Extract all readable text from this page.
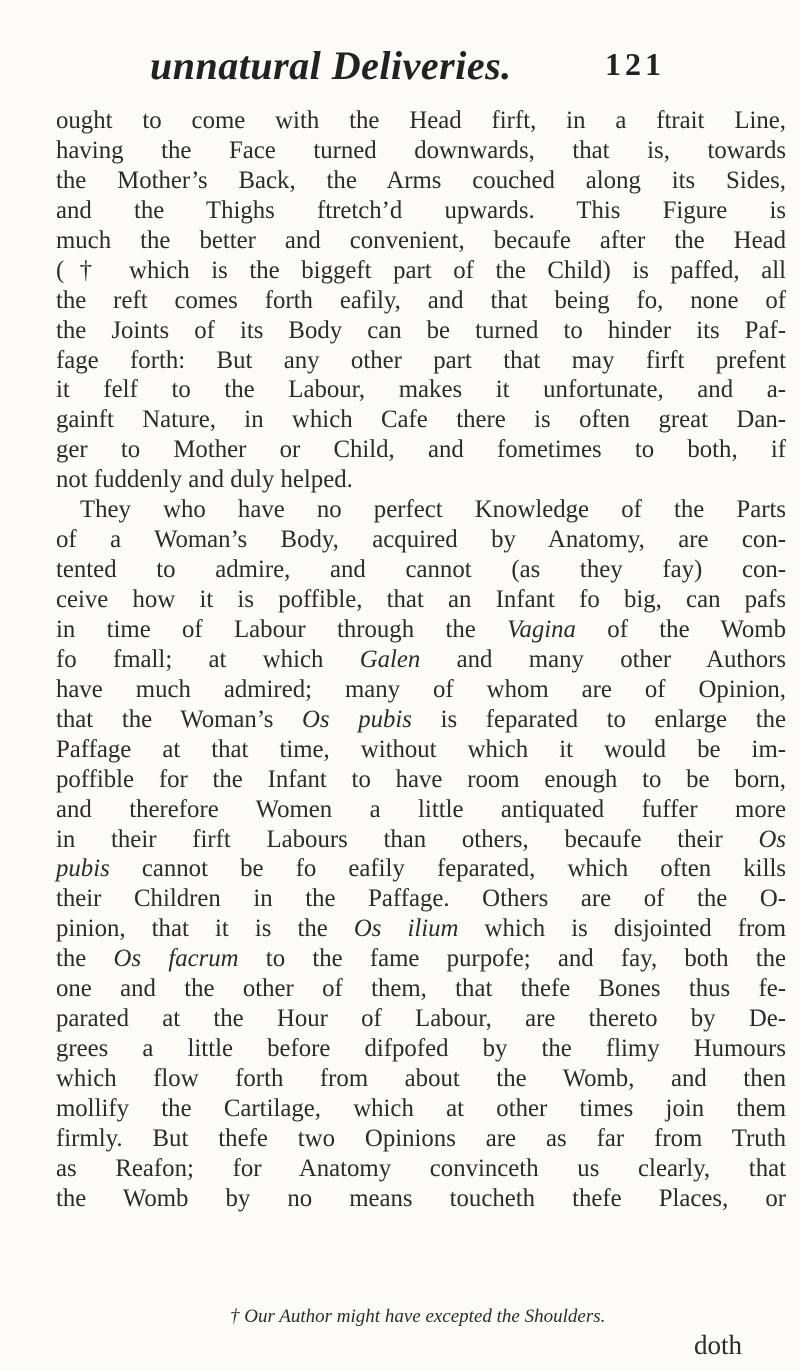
unnatural Deliveries.	121
ought to come with the Head firft, in a ftrait Line,
having the Face turned downwards, that is, towards
the Mother’s Back, the Arms couched along its Sides,
and the Thighs ftretch’d upwards. This Figure is
much the better and convenient, becaufe after the Head
(† which is the biggeft part of the Child) is paffed, all
the reft comes forth eafily, and that being fo, none of
the Joints of its Body can be turned to hinder its Paf-
fage forth: But any other part that may firft prefent
it felf to the Labour, makes it unfortunate, and a-
gainft Nature, in which Cafe there is often great Dan-
ger to Mother or Child, and fometimes to both, if
not fuddenly and duly helped.
They who have no perfect Knowledge of the Parts
of a Woman’s Body, acquired by Anatomy, are con-
tented to admire, and cannot (as they fay) con-
ceive how it is poffible, that an Infant fo big, can pafs
in time of Labour through the Vagina of the Womb
fo fmall; at which Galen and many other Authors
have much admired; many of whom are of Opinion,
that the Woman’s Os pubis is feparated to enlarge the
Paffage at that time, without which it would be im-
poffible for the Infant to have room enough to be born,
and therefore Women a little antiquated fuffer more
in their firft Labours than others, becaufe their Os
pubis cannot be fo eafily feparated, which often kills
their Children in the Paffage. Others are of the O-
pinion, that it is the Os ilium which is disjointed from
the Os facrum to the fame purpofe; and fay, both the
one and the other of them, that thefe Bones thus fe-
parated at the Hour of Labour, are thereto by De-
grees a little before difpofed by the flimy Humours
which flow forth from about the Womb, and then
mollify the Cartilage, which at other times join them
firmly. But thefe two Opinions are as far from Truth
as Reafon; for Anatomy convinceth us clearly, that
the Womb by no means toucheth thefe Places, or
† Our Author might have excepted the Shoulders.
doth
